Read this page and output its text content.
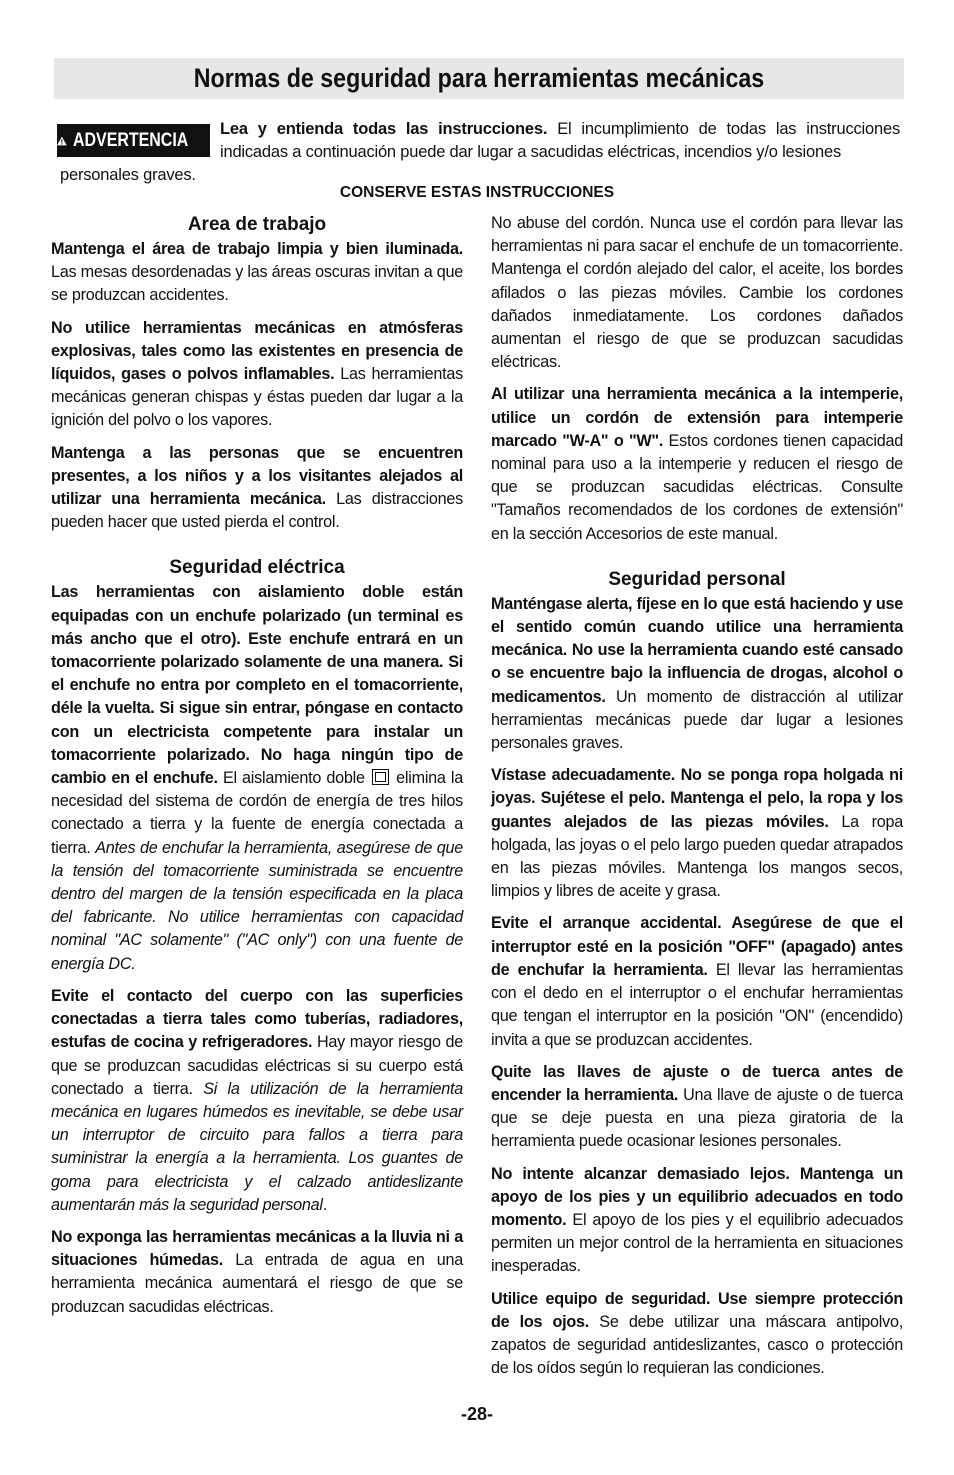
Normas de seguridad para herramientas mecánicas
ADVERTENCIA
Lea y entienda todas las instrucciones. El incumplimiento de todas las instrucciones indicadas a continuación puede dar lugar a sacudidas eléctricas, incendios y/o lesiones
personales graves.
CONSERVE ESTAS INSTRUCCIONES
Area de trabajo

Mantenga el área de trabajo limpia y bien iluminada. Las mesas desordenadas y las áreas oscuras invitan a que se produzcan accidentes.

No utilice herramientas mecánicas en atmósferas explosivas, tales como las existentes en presencia de líquidos, gases o polvos inflamables. Las herramientas mecánicas generan chispas y éstas pueden dar lugar a la ignición del polvo o los vapores.

Mantenga a las personas que se encuentren presentes, a los niños y a los visitantes alejados al utilizar una herramienta mecánica. Las distracciones pueden hacer que usted pierda el control.

Seguridad eléctrica

Las herramientas con aislamiento doble están equipadas con un enchufe polarizado (un terminal es más ancho que el otro). Este enchufe entrará en un tomacorriente polarizado solamente de una manera. Si el enchufe no entra por completo en el tomacorriente, déle la vuelta. Si sigue sin entrar, póngase en contacto con un electricista competente para instalar un tomacorriente polarizado. No haga ningún tipo de cambio en el enchufe. El aislamiento doble  elimina la necesidad del sistema de cordón de energía de tres hilos conectado a tierra y la fuente de energía conectada a tierra. Antes de enchufar la herramienta, asegúrese de que la tensión del tomacorriente suministrada se encuentre dentro del margen de la tensión especificada en la placa del fabricante. No utilice herramientas con capacidad nominal "AC solamente" ("AC only") con una fuente de energía DC.

Evite el contacto del cuerpo con las superficies conectadas a tierra tales como tuberías, radiadores, estufas de cocina y refrigeradores. Hay mayor riesgo de que se produzcan sacudidas eléctricas si su cuerpo está conectado a tierra. Si la utilización de la herramienta mecánica en lugares húmedos es inevitable, se debe usar un interruptor de circuito para fallos a tierra para suministrar la energía a la herramienta. Los guantes de goma para electricista y el calzado antideslizante aumentarán más la seguridad personal.

No exponga las herramientas mecánicas a la lluvia ni a situaciones húmedas. La entrada de agua en una herramienta mecánica aumentará el riesgo de que se produzcan sacudidas eléctricas.

No abuse del cordón. Nunca use el cordón para llevar las herramientas ni para sacar el enchufe de un tomacorriente. Mantenga el cordón alejado del calor, el aceite, los bordes afilados o las piezas móviles. Cambie los cordones dañados inmediatamente. Los cordones dañados aumentan el riesgo de que se produzcan sacudidas eléctricas.

Al utilizar una herramienta mecánica a la intemperie, utilice un cordón de extensión para intemperie marcado "W-A" o "W". Estos cordones tienen capacidad nominal para uso a la intemperie y reducen el riesgo de que se produzcan sacudidas eléctricas. Consulte "Tamaños recomendados de los cordones de extensión" en la sección Accesorios de este manual.

Seguridad personal

Manténgase alerta, fíjese en lo que está haciendo y use el sentido común cuando utilice una herramienta mecánica. No use la herramienta cuando esté cansado o se encuentre bajo la influencia de drogas, alcohol o medicamentos. Un momento de distracción al utilizar herramientas mecánicas puede dar lugar a lesiones personales graves.

Vístase adecuadamente. No se ponga ropa holgada ni joyas. Sujétese el pelo. Mantenga el pelo, la ropa y los guantes alejados de las piezas móviles. La ropa holgada, las joyas o el pelo largo pueden quedar atrapados en las piezas móviles. Mantenga los mangos secos, limpios y libres de aceite y grasa.

Evite el arranque accidental. Asegúrese de que el interruptor esté en la posición "OFF" (apagado) antes de enchufar la herramienta. El llevar las herramientas con el dedo en el interruptor o el enchufar herramientas que tengan el interruptor en la posición "ON" (encendido) invita a que se produzcan accidentes.

Quite las llaves de ajuste o de tuerca antes de encender la herramienta. Una llave de ajuste o de tuerca que se deje puesta en una pieza giratoria de la herramienta puede ocasionar lesiones personales.

No intente alcanzar demasiado lejos. Mantenga un apoyo de los pies y un equilibrio adecuados en todo momento. El apoyo de los pies y el equilibrio adecuados permiten un mejor control de la herramienta en situaciones inesperadas.

Utilice equipo de seguridad. Use siempre protección de los ojos. Se debe utilizar una máscara antipolvo, zapatos de seguridad antideslizantes, casco o protección de los oídos según lo requieran las condiciones.

-28-
